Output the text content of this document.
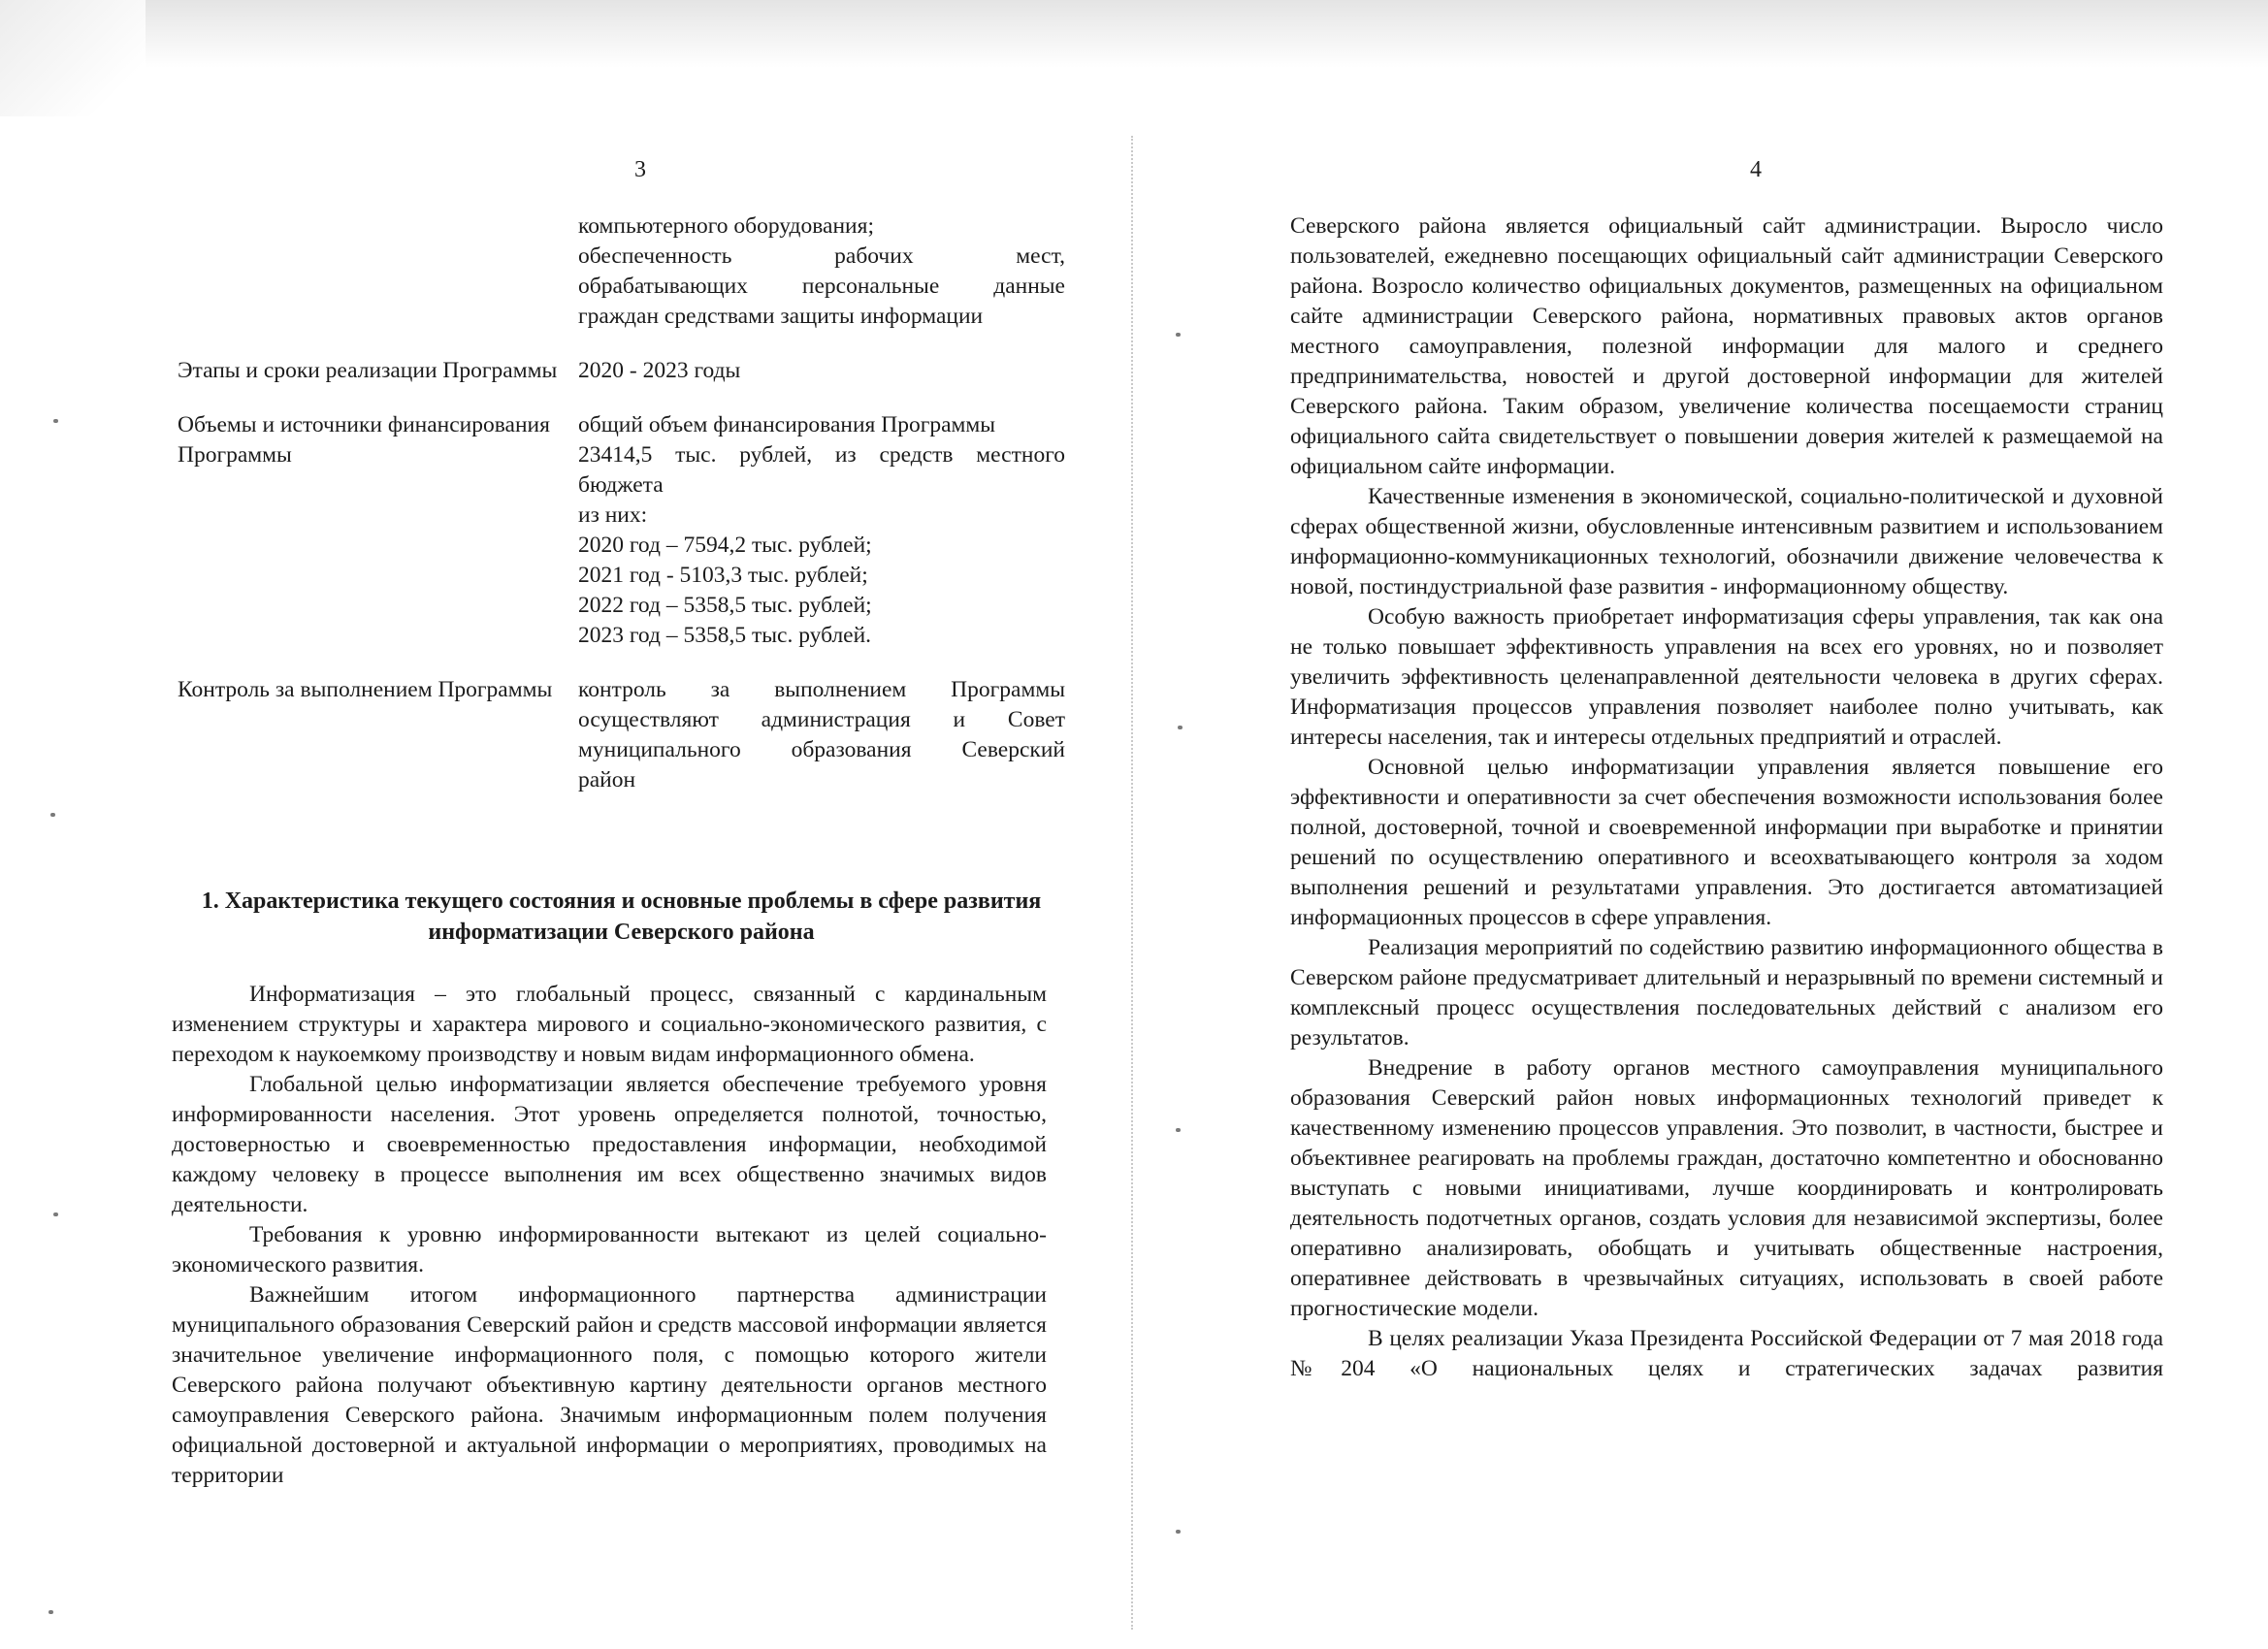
3
компьютерного оборудования;
обеспеченность рабочих мест,
обрабатывающих персональные данные
граждан средствами защиты информации
Этапы и сроки реализации Программы 2020 - 2023 годы
Объемы и источники финансирования Программы
общий объем финансирования Программы
23414,5 тыс. рублей, из средств местного
бюджета
из них:
2020 год – 7594,2 тыс. рублей;
2021 год - 5103,3 тыс. рублей;
2022 год – 5358,5 тыс. рублей;
2023 год – 5358,5 тыс. рублей.
Контроль за выполнением Программы	контроль за выполнением Программы
осуществляют администрация и Совет
муниципального образования Северский
район
1. Характеристика текущего состояния и основные проблемы в сфере развития информатизации Северского района

Информатизация – это глобальный процесс, связанный с кардинальным изменением структуры и характера мирового и социально-экономического развития, с переходом к наукоемкому производству и новым видам информационного обмена.

Глобальной целью информатизации является обеспечение требуемого уровня информированности населения. Этот уровень определяется полнотой, точностью, достоверностью и своевременностью предоставления информации, необходимой каждому человеку в процессе выполнения им всех общественно значимых видов деятельности.

Требования к уровню информированности вытекают из целей социально-экономического развития.

Важнейшим итогом информационного партнерства администрации муниципального образования Северский район и средств массовой информации является значительное увеличение информационного поля, с помощью которого жители Северского района получают объективную картину деятельности органов местного самоуправления Северского района. Значимым информационным полем получения официальной достоверной и актуальной информации о мероприятиях, проводимых на территории

4

Северского района является официальный сайт администрации. Выросло число пользователей, ежедневно посещающих официальный сайт администрации Северского района. Возросло количество официальных документов, размещенных на официальном сайте администрации Северского района, нормативных правовых актов органов местного самоуправления, полезной информации для малого и среднего предпринимательства, новостей и другой достоверной информации для жителей Северского района. Таким образом, увеличение количества посещаемости страниц официального сайта свидетельствует о повышении доверия жителей к размещаемой на официальном сайте информации.

Качественные изменения в экономической, социально-политической и духовной сферах общественной жизни, обусловленные интенсивным развитием и использованием информационно-коммуникационных технологий, обозначили движение человечества к новой, постиндустриальной фазе развития - информационному обществу.

Особую важность приобретает информатизация сферы управления, так как она не только повышает эффективность управления на всех его уровнях, но и позволяет увеличить эффективность целенаправленной деятельности человека в других сферах. Информатизация процессов управления позволяет наиболее полно учитывать, как интересы населения, так и интересы отдельных предприятий и отраслей.

Основной целью информатизации управления является повышение его эффективности и оперативности за счет обеспечения возможности использования более полной, достоверной, точной и своевременной информации при выработке и принятии решений по осуществлению оперативного и всеохватывающего контроля за ходом выполнения решений и результатами управления. Это достигается автоматизацией информационных процессов в сфере управления.

Реализация мероприятий по содействию развитию информационного общества в Северском районе предусматривает длительный и неразрывный по времени системный и комплексный процесс осуществления последовательных действий с анализом его результатов.

Внедрение в работу органов местного самоуправления муниципального образования Северский район новых информационных технологий приведет к качественному изменению процессов управления. Это позволит, в частности, быстрее и объективнее реагировать на проблемы граждан, достаточно компетентно и обоснованно выступать с новыми инициативами, лучше координировать и контролировать деятельность подотчетных органов, создать условия для независимой экспертизы, более оперативно анализировать, обобщать и учитывать общественные настроения, оперативнее действовать в чрезвычайных ситуациях, использовать в своей работе прогностические модели.

В целях реализации Указа Президента Российской Федерации от 7 мая 2018 года №204 «О национальных целях и стратегических задачах развития
